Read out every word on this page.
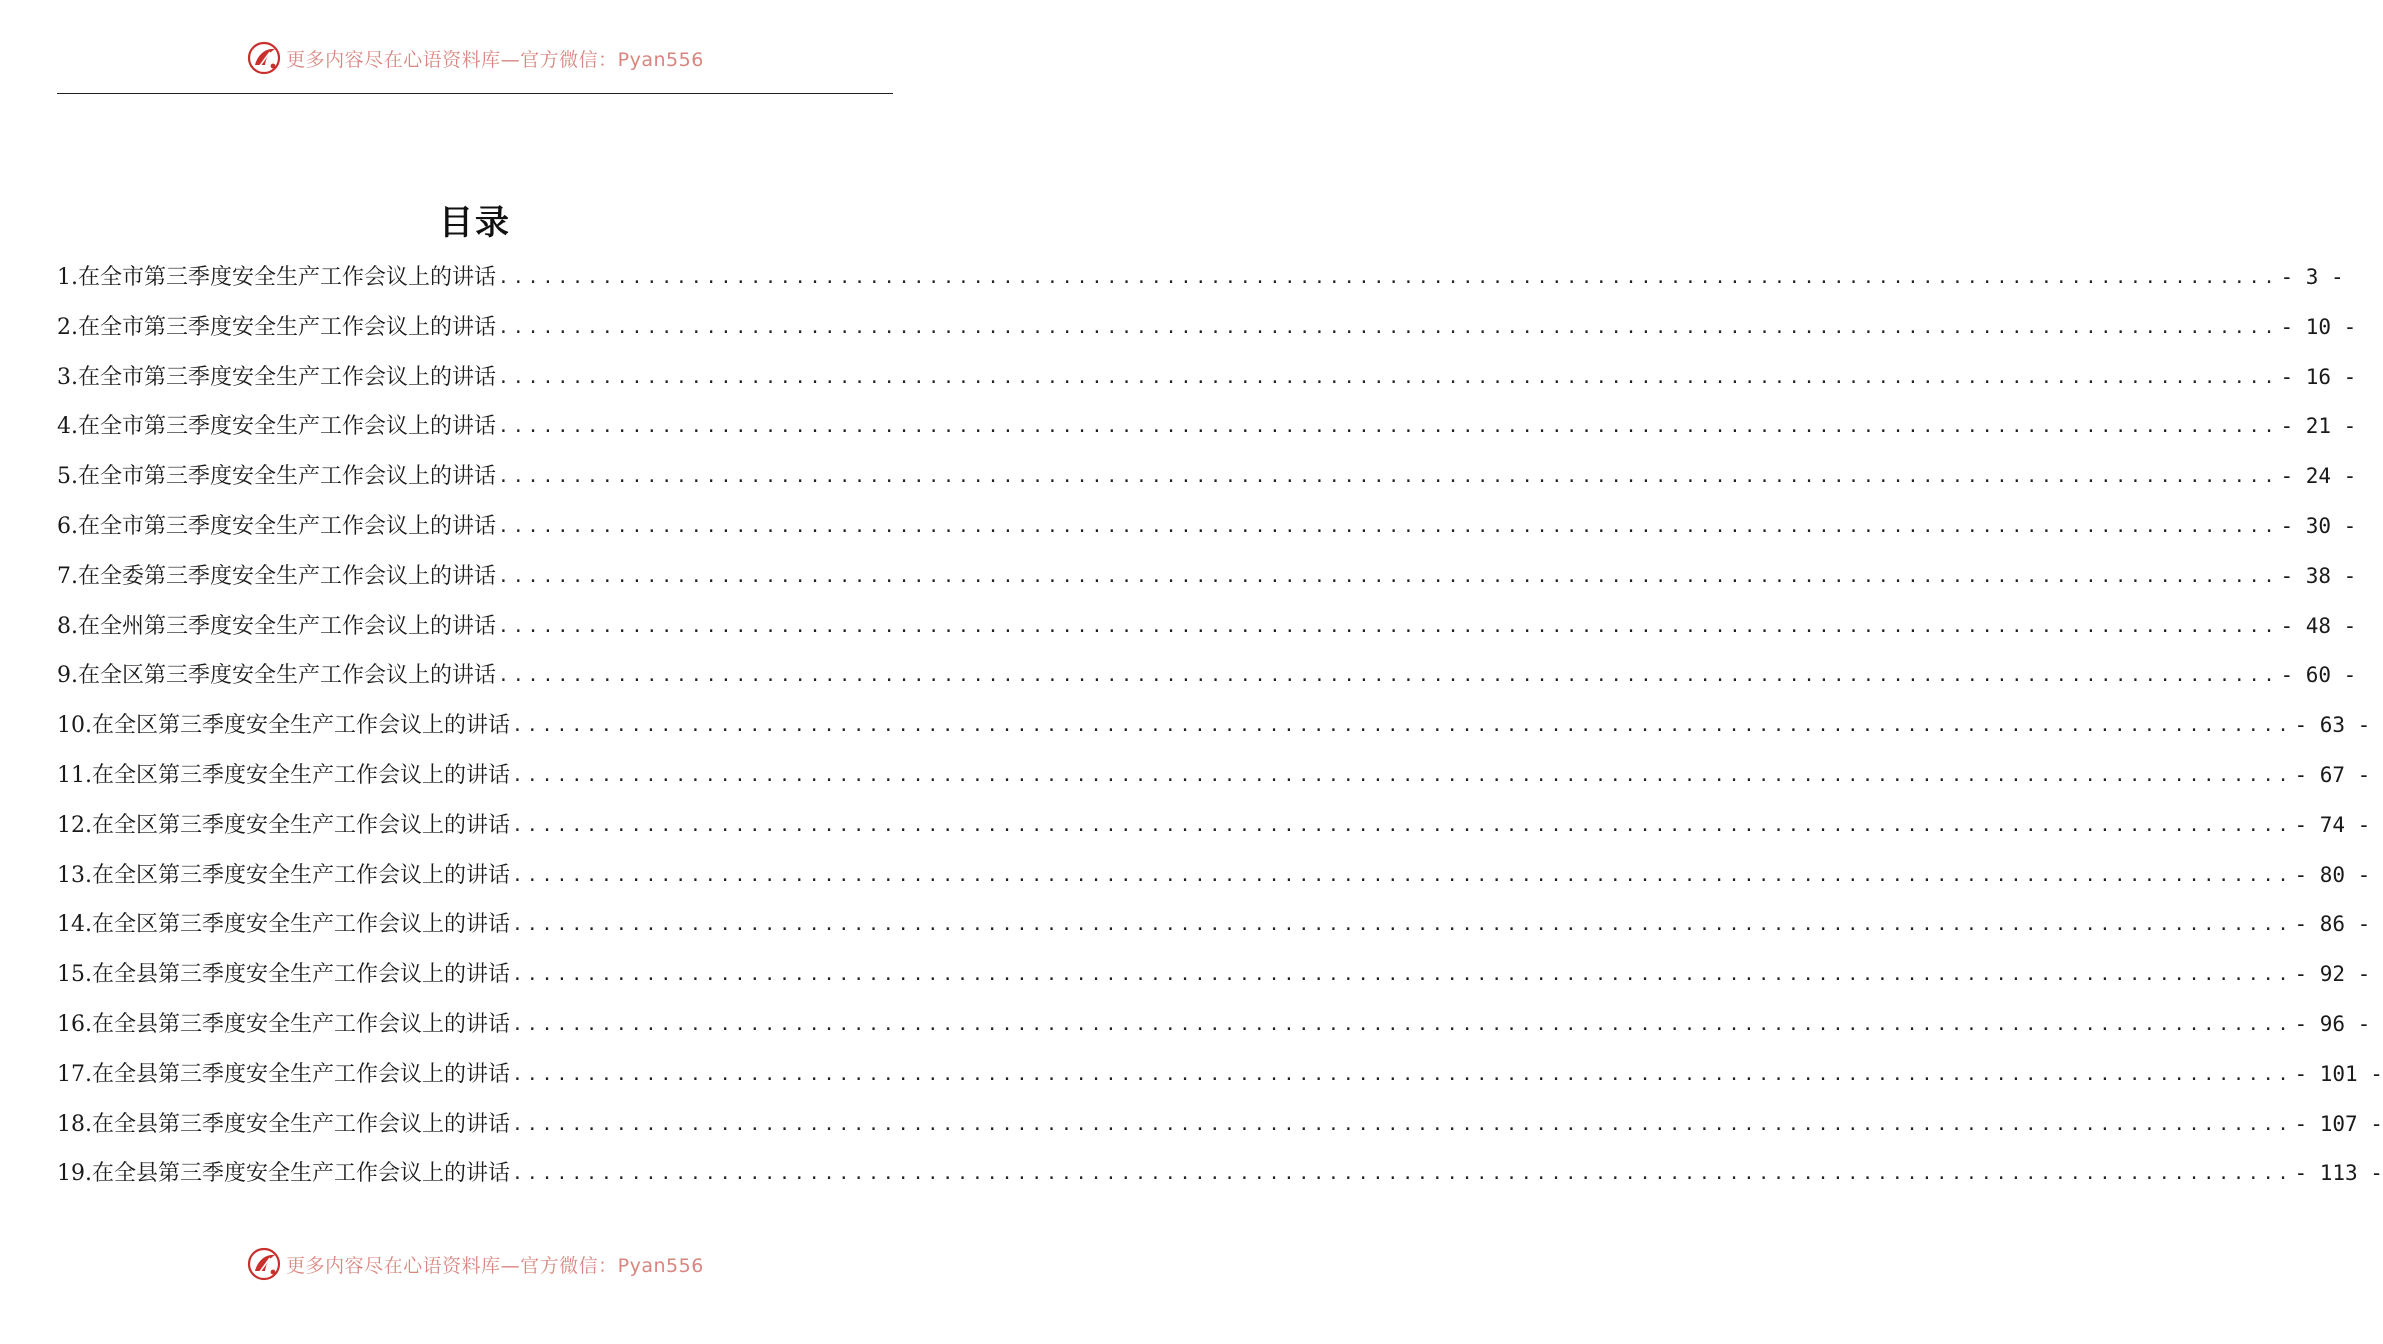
更多内容尽在心语资料库—官方微信：Pyan556
目录
1.在全市第三季度安全生产工作会议上的讲话 ........................................................................................................................ - 3 -
2.在全市第三季度安全生产工作会议上的讲话 ........................................................................................................................ - 10 -
3.在全市第三季度安全生产工作会议上的讲话 ........................................................................................................................ - 16 -
4.在全市第三季度安全生产工作会议上的讲话 ........................................................................................................................ - 21 -
5.在全市第三季度安全生产工作会议上的讲话 ........................................................................................................................ - 24 -
6.在全市第三季度安全生产工作会议上的讲话 ........................................................................................................................ - 30 -
7.在全委第三季度安全生产工作会议上的讲话 ........................................................................................................................ - 38 -
8.在全州第三季度安全生产工作会议上的讲话 ........................................................................................................................ - 48 -
9.在全区第三季度安全生产工作会议上的讲话 ........................................................................................................................ - 60 -
10.在全区第三季度安全生产工作会议上的讲话 ........................................................................................................................ - 63 -
11.在全区第三季度安全生产工作会议上的讲话 ........................................................................................................................ - 67 -
12.在全区第三季度安全生产工作会议上的讲话 ........................................................................................................................ - 74 -
13.在全区第三季度安全生产工作会议上的讲话 ........................................................................................................................ - 80 -
14.在全区第三季度安全生产工作会议上的讲话 ........................................................................................................................ - 86 -
15.在全县第三季度安全生产工作会议上的讲话 ........................................................................................................................ - 92 -
16.在全县第三季度安全生产工作会议上的讲话 ........................................................................................................................ - 96 -
17.在全县第三季度安全生产工作会议上的讲话 ........................................................................................................................ - 101 -
18.在全县第三季度安全生产工作会议上的讲话 ........................................................................................................................ - 107 -
19.在全县第三季度安全生产工作会议上的讲话 ........................................................................................................................ - 113 -
更多内容尽在心语资料库—官方微信：Pyan556
